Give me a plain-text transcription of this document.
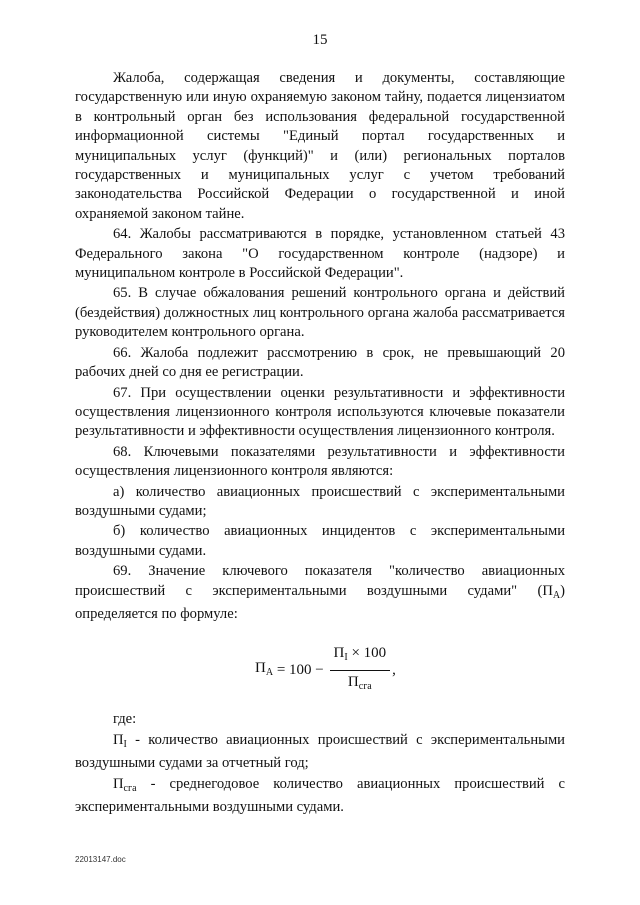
15

Жалоба, содержащая сведения и документы, составляющие государственную или иную охраняемую законом тайну, подается лицензиатом в контрольный орган без использования федеральной государственной информационной системы "Единый портал государственных и муниципальных услуг (функций)" и (или) региональных порталов государственных и муниципальных услуг с учетом требований законодательства Российской Федерации о государственной и иной охраняемой законом тайне.

64. Жалобы рассматриваются в порядке, установленном статьей 43 Федерального закона "О государственном контроле (надзоре) и муниципальном контроле в Российской Федерации".

65. В случае обжалования решений контрольного органа и действий (бездействия) должностных лиц контрольного органа жалоба рассматривается руководителем контрольного органа.

66. Жалоба подлежит рассмотрению в срок, не превышающий 20 рабочих дней со дня ее регистрации.

67. При осуществлении оценки результативности и эффективности осуществления лицензионного контроля используются ключевые показатели результативности и эффективности осуществления лицензионного контроля.

68. Ключевыми показателями результативности и эффективности осуществления лицензионного контроля являются:

а) количество авиационных происшествий с экспериментальными воздушными судами;

б) количество авиационных инцидентов с экспериментальными воздушными судами.

69. Значение ключевого показателя "количество авиационных происшествий с экспериментальными воздушными судами" $(П_А)$ определяется по формуле:

$П_А = 100 - \frac{П_I \times 100}{П_{сга}}$ ,

где:

$П_I$ - количество авиационных происшествий с экспериментальными воздушными судами за отчетный год;

$П_{сга}$ - среднегодовое количество авиационных происшествий с экспериментальными воздушными судами.

22013147.doc
